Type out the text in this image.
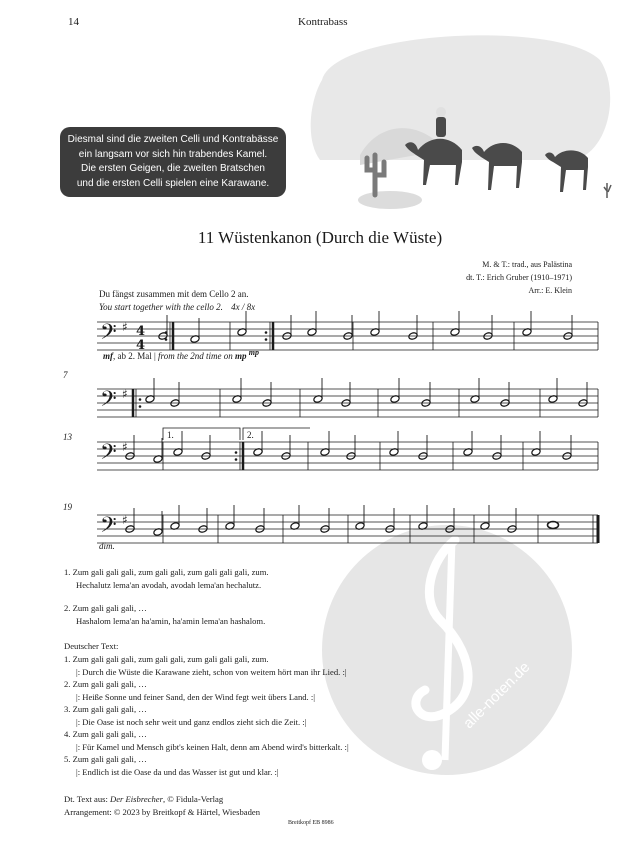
14	Kontrabass
𝄢 ♯
𝄢 ♯
𝄢 ♯
𝄢 ♯
4
4
Diesmal sind die zweiten Celli und Kontrabässe
ein langsam vor sich hin trabendes Kamel.
Die ersten Geigen, die zweiten Bratschen
und die ersten Celli spielen eine Karawane.
11 Wüstenkanon (Durch die Wüste)
M. & T.: trad., aus Palästina
dt. T.: Erich Gruber (1910–1971)
Arr.: E. Klein
Du fängst zusammen mit dem Cello 2 an.
You start together with the cello 2. 4x / 8x
mf, ab 2. Mal | from the 2nd time on mp mp
7
13
19
1.	2.
dim.
1. Zum gali gali gali, zum gali gali, zum gali gali gali, zum.
Hechalutz lema'an avodah, avodah lema'an hechalutz.
2. Zum gali gali gali, …
Hashalom lema'an ha'amin, ha'amin lema'an hashalom.
Deutscher Text:
1. Zum gali gali gali, zum gali gali, zum gali gali gali, zum.
|: Durch die Wüste die Karawane zieht, schon von weitem hört man ihr Lied. :|
2. Zum gali gali gali, …
|: Heiße Sonne und feiner Sand, den der Wind fegt weit übers Land. :|
3. Zum gali gali gali, …
|: Die Oase ist noch sehr weit und ganz endlos zieht sich die Zeit. :|
4. Zum gali gali gali, …
|: Für Kamel und Mensch gibt's keinen Halt, denn am Abend wird's bitterkalt. :|
5. Zum gali gali gali, …
|: Endlich ist die Oase da und das Wasser ist gut und klar. :|
Dt. Text aus: Der Eisbrecher, © Fidula-Verlag
Arrangement: © 2023 by Breitkopf & Härtel, Wiesbaden
Breitkopf EB 8986
alle-noten.de
